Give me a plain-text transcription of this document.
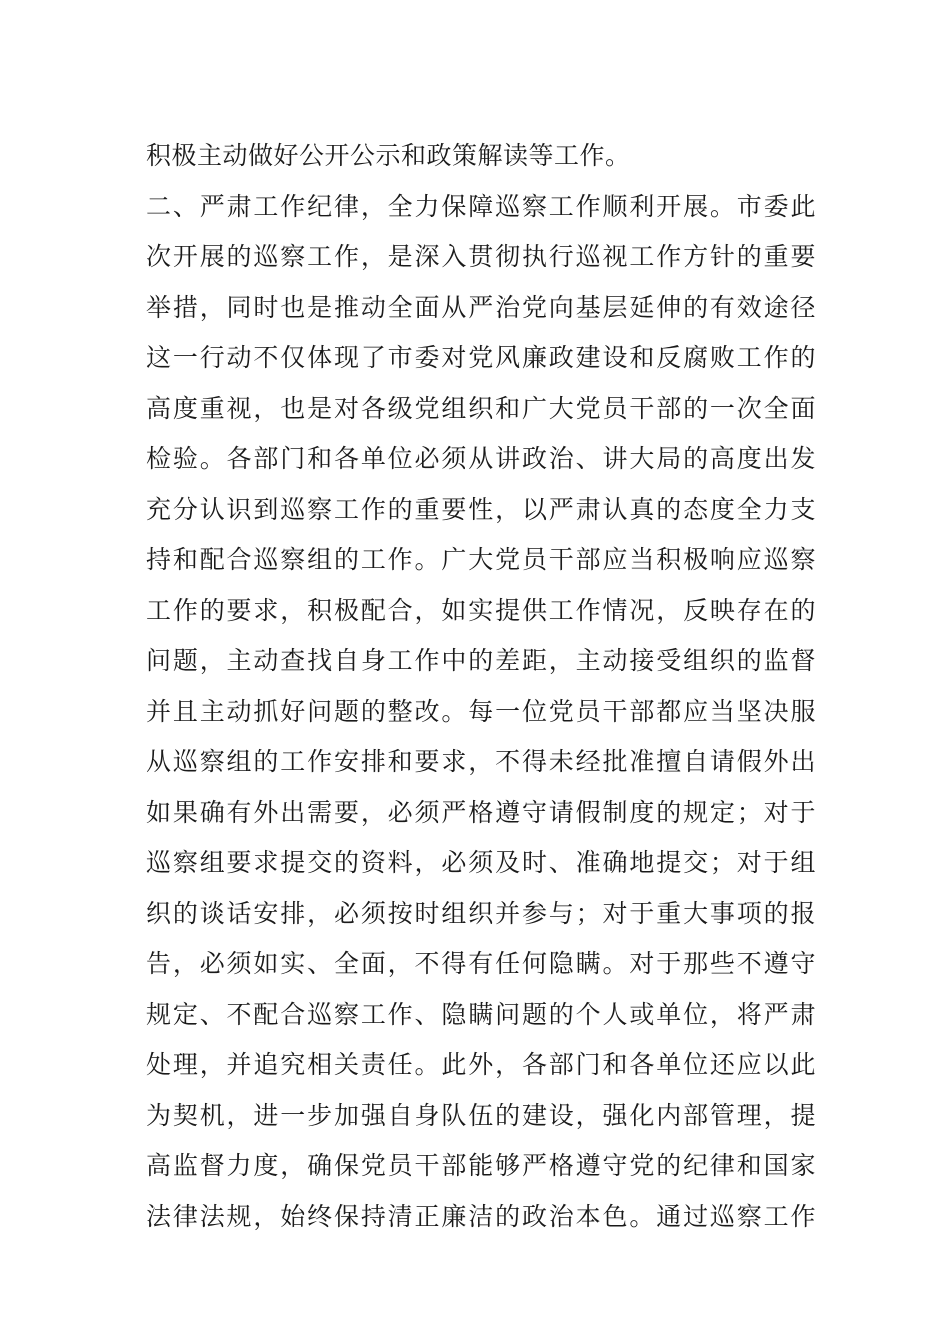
积极主动做好公开公示和政策解读等工作。
二、严肃工作纪律，全力保障巡察工作顺利开展。市委此
次开展的巡察工作，是深入贯彻执行巡视工作方针的重要
举措，同时也是推动全面从严治党向基层延伸的有效途径
这一行动不仅体现了市委对党风廉政建设和反腐败工作的
高度重视，也是对各级党组织和广大党员干部的一次全面
检验。各部门和各单位必须从讲政治、讲大局的高度出发
充分认识到巡察工作的重要性，以严肃认真的态度全力支
持和配合巡察组的工作。广大党员干部应当积极响应巡察
工作的要求，积极配合，如实提供工作情况，反映存在的
问题，主动查找自身工作中的差距，主动接受组织的监督
并且主动抓好问题的整改。每一位党员干部都应当坚决服
从巡察组的工作安排和要求，不得未经批准擅自请假外出
如果确有外出需要，必须严格遵守请假制度的规定；对于
巡察组要求提交的资料，必须及时、准确地提交；对于组
织的谈话安排，必须按时组织并参与；对于重大事项的报
告，必须如实、全面，不得有任何隐瞒。对于那些不遵守
规定、不配合巡察工作、隐瞒问题的个人或单位，将严肃
处理，并追究相关责任。此外，各部门和各单位还应以此
为契机，进一步加强自身队伍的建设，强化内部管理，提
高监督力度，确保党员干部能够严格遵守党的纪律和国家
法律法规，始终保持清正廉洁的政治本色。通过巡察工作
